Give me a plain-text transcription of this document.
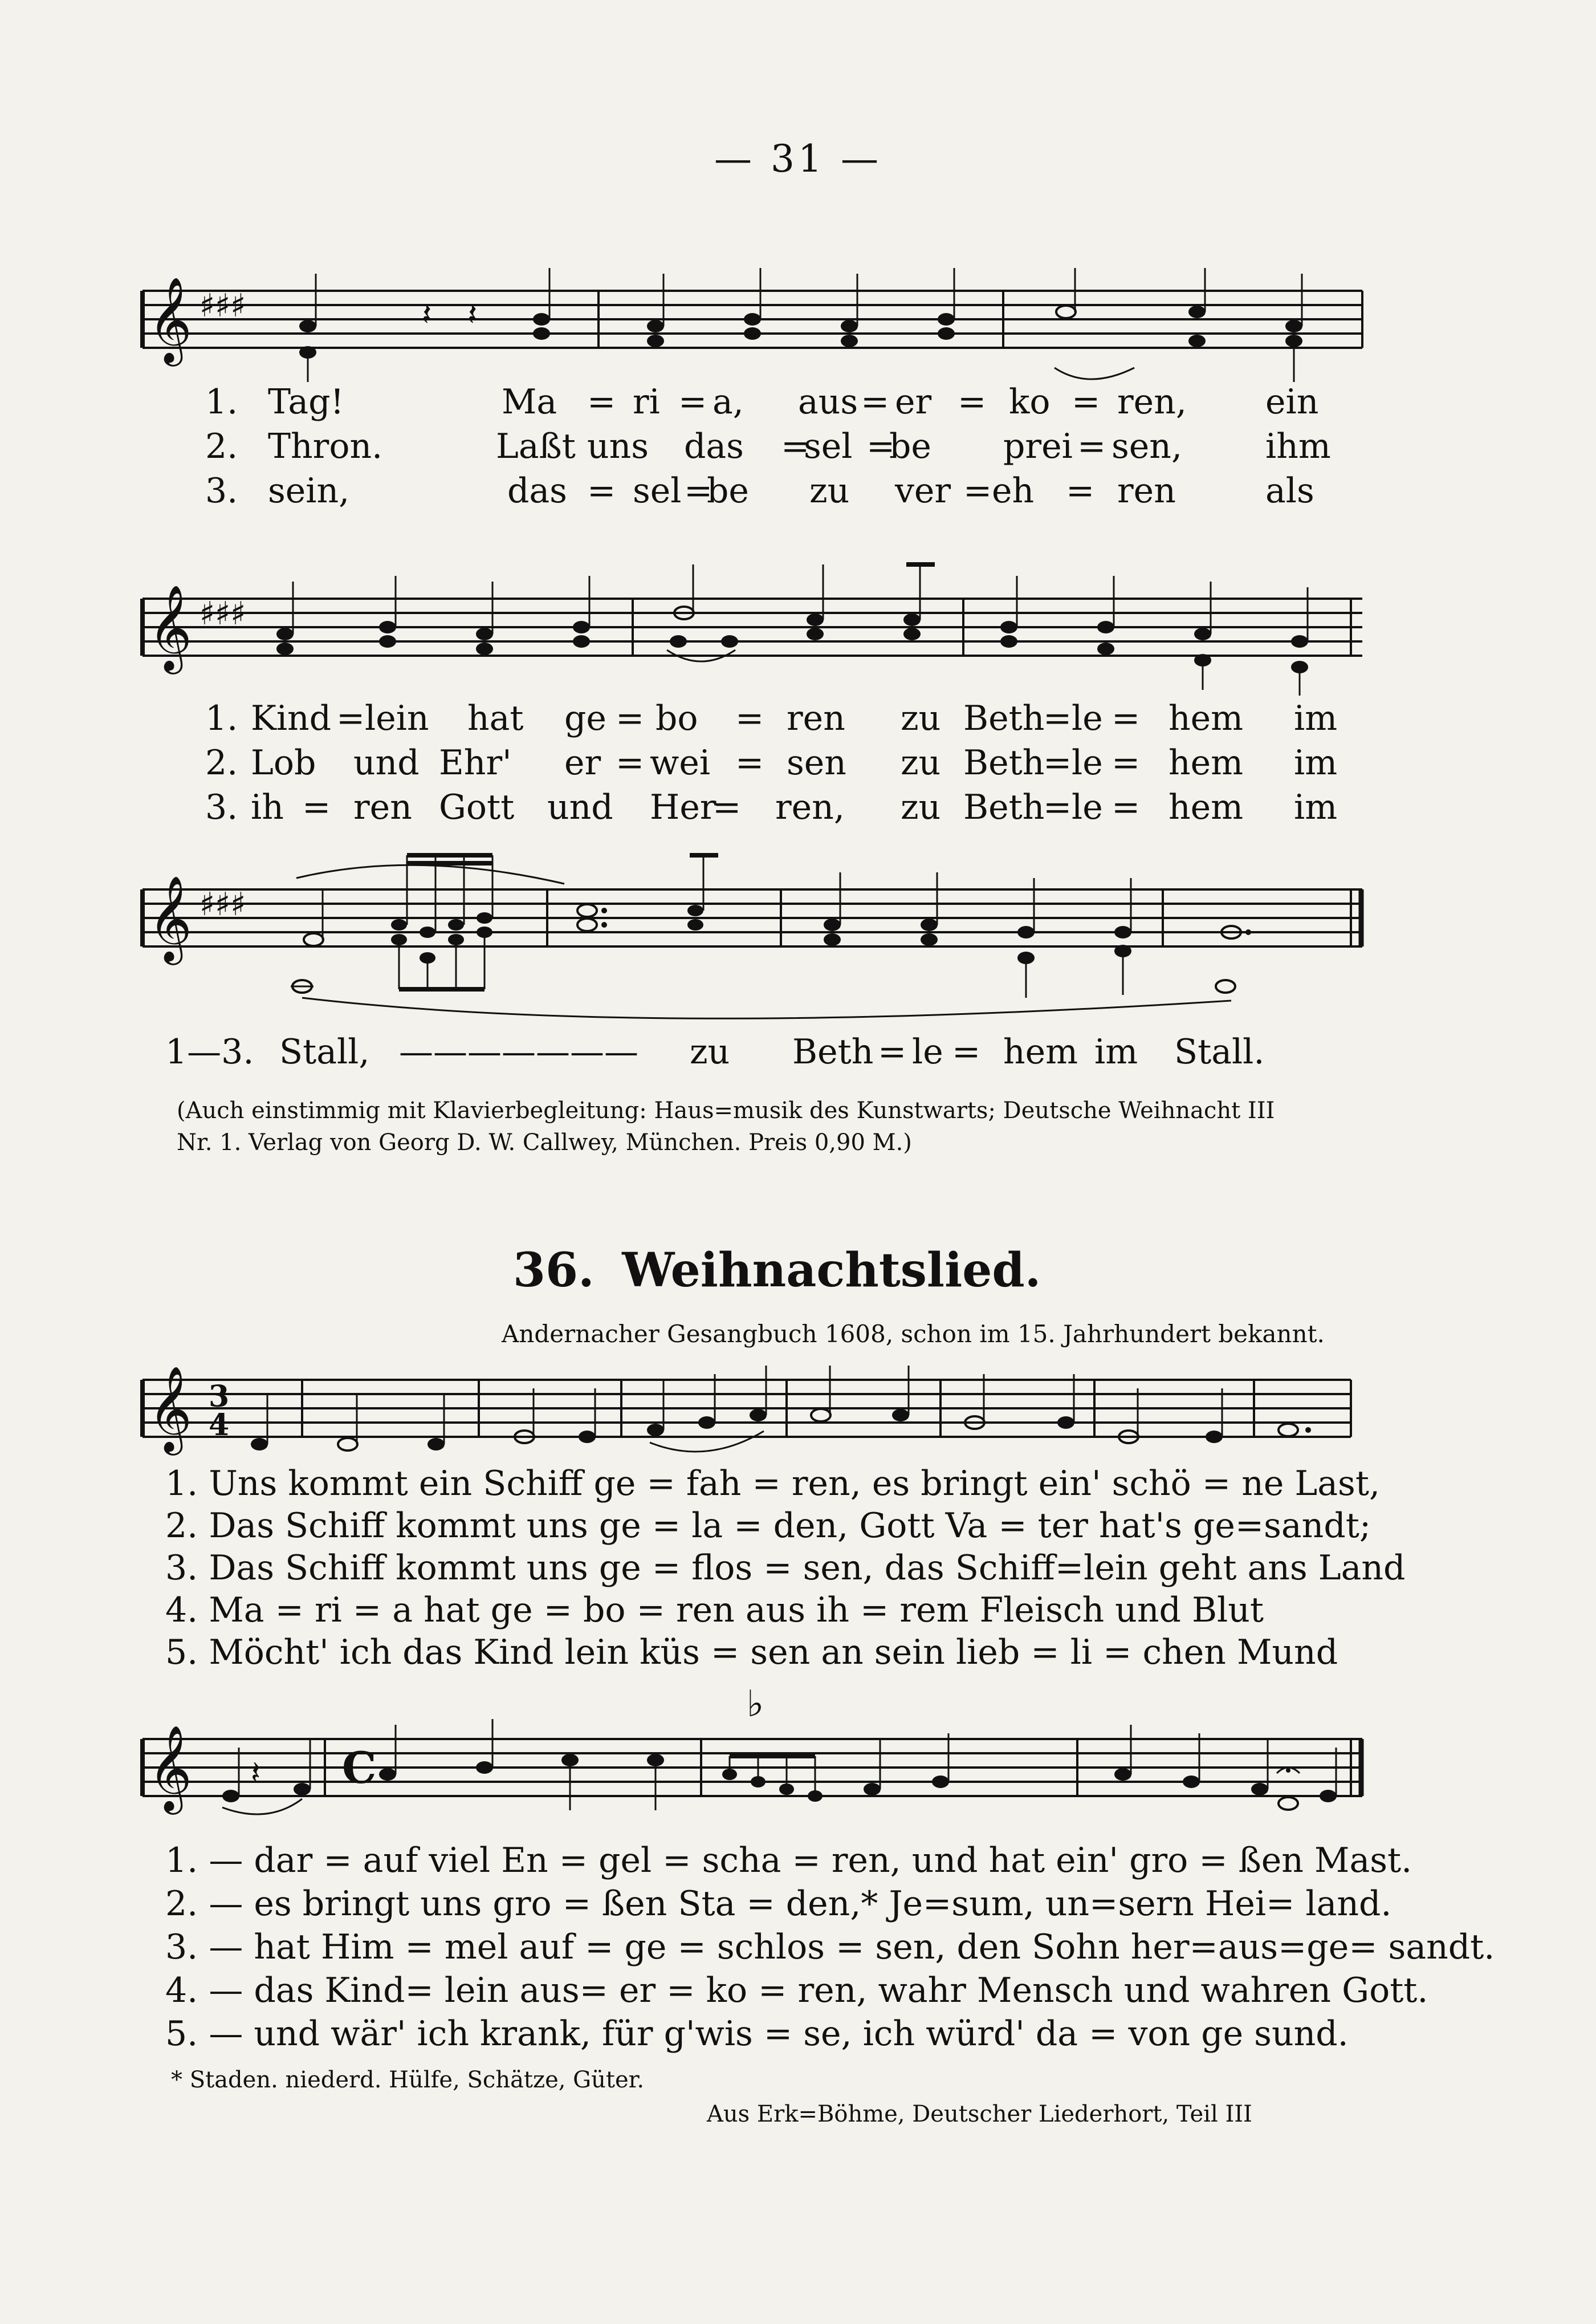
— 31 —
𝄞 ♯♯♯	𝄽 𝄽
1. Tag!	Ma = ri = a, aus = er = ko = ren, ein
2. Thron.	Laßt uns das =
sel =
be prei = sen, ihm
3. sein,	das = sel =
be zu ver = eh = ren	als
𝄞 ♯♯♯
1. Kind = lein hat ge = bo = ren zu Beth
= le = hem im
2. Lob und Ehr' er = wei = sen zu Beth
= le = hem im
3. ih = ren Gott und Her
= ren, zu Beth
= le = hem im
𝄞 ♯♯♯
1—3. Stall, ——————— zu Beth = le = hem im Stall.
(Auch einstimmig mit Klavierbegleitung: Haus=musik des Kunstwarts; Deutsche Weihnacht III
Nr. 1. Verlag von Georg D. W. Callwey, München. Preis 0,90 M.)
36. Weihnachtslied.
Andernacher Gesangbuch 1608, schon im 15. Jahrhundert bekannt.
𝄞 3
4
1. Uns kommt ein Schiff ge = fah = ren, es bringt ein' schö = ne Last,
2. Das Schiff kommt uns ge = la = den, Gott Va = ter hat's ge=sandt;
3. Das Schiff kommt uns ge = flos = sen, das Schiff=lein geht ans Land
4. Ma = ri = a hat ge = bo = ren aus ih = rem Fleisch und Blut
5. Möcht' ich das Kind lein küs = sen an sein lieb = li = chen Mund
𝄞
♭
C
𝄽
1. — dar = auf viel En = gel = scha = ren, und hat ein' gro = ßen Mast.
2. — es bringt uns gro = ßen Sta = den,* Je=sum, un=sern Hei= land.
3. — hat Him = mel auf = ge = schlos = sen, den Sohn her=aus=ge= sandt.
4. — das Kind= lein aus= er = ko = ren, wahr Mensch und wahren Gott.
5. — und wär' ich krank, für g'wis = se, ich würd' da = von ge sund.
* Staden. niederd. Hülfe, Schätze, Güter.
Aus Erk=Böhme, Deutscher Liederhort, Teil III
